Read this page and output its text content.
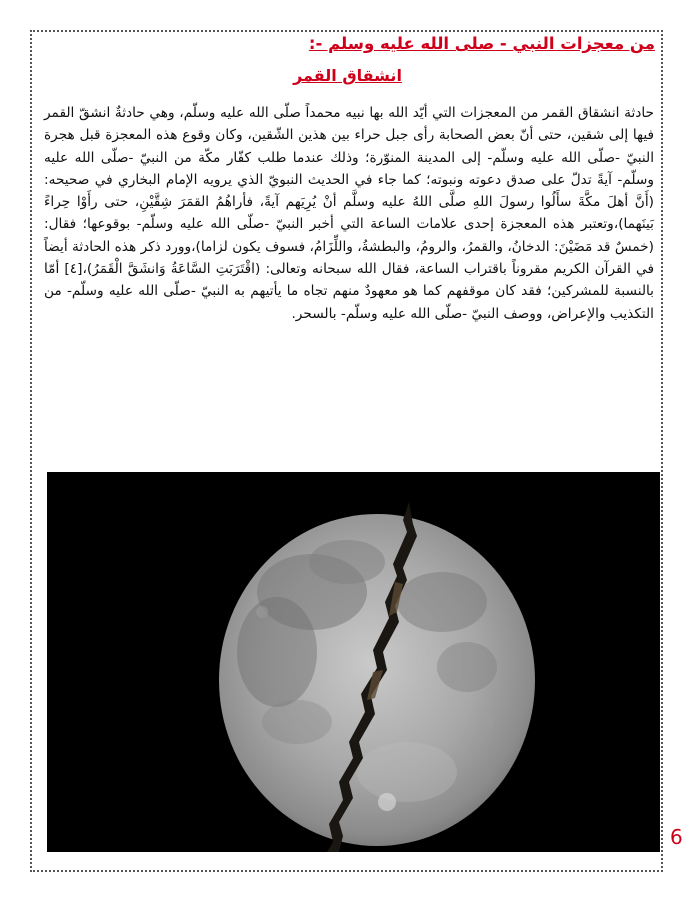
من معجزات النبي - صلى الله عليه وسلم -:
انشقاق القمر
حادثة انشقاق القمر من المعجزات التي أيّد الله بها نبيه محمداً صلّى الله عليه وسلّم، وهي حادثةٌ انشقّ القمر فيها إلى شقين، حتى أنّ بعض الصحابة رأى جبل حراء بين هذين الشّقين، وكان وقوع هذه المعجزة قبل هجرة النبيّ -صلّى الله عليه وسلّم- إلى المدينة المنوّرة؛ وذلك عندما طلب كفّار مكّة من النبيّ -صلّى الله عليه وسلّم- آيةً تدلّ على صدق دعوته ونبوته؛ كما جاء في الحديث النبويّ الذي يرويه الإمام البخاري في صحيحه: (أَنَّ أهلَ مكَّةَ سأَلُوا رسولَ اللهِ صلَّى اللهُ عليه وسلَّم أنْ يُرِيَهم آيةً، فأراهُمُ القمَرَ شِقَّيْنِ، حتى رأَوْا حِراءً بَينَهما)،وتعتبر هذه المعجزة إحدى علامات الساعة التي أخبر النبيّ -صلّى الله عليه وسلّم- بوقوعها؛ فقال: (خمسٌ قد مَضَيْنَ: الدخانُ، والقمرُ، والرومُ، والبطشةُ، واللِّزَامُ، فسوف يكون لزاما)،وورد ذكر هذه الحادثة أيضاً في القرآن الكريم مقروناً باقتراب الساعة، فقال الله سبحانه وتعالى: (اقْتَرَبَتِ السَّاعَةُ وَانشَقَّ الْقَمَرُ)،[٤] أمّا بالنسبة للمشركين؛ فقد كان موقفهم كما هو معهودٌ منهم تجاه ما يأتيهم به النبيّ -صلّى الله عليه وسلّم- من التكذيب والإعراض، ووصف النبيّ -صلّى الله عليه وسلّم- بالسحر.
6
